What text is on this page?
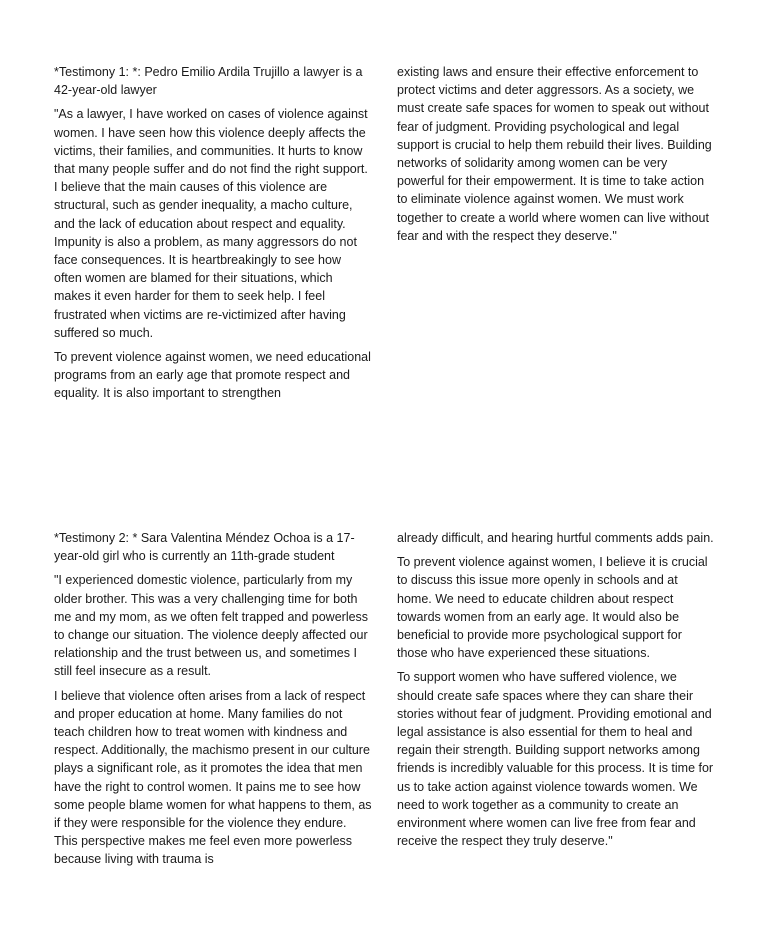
*Testimony 1: *: Pedro Emilio Ardila Trujillo a lawyer is a 42-year-old lawyer

"As a lawyer, I have worked on cases of violence against women. I have seen how this violence deeply affects the victims, their families, and communities. It hurts to know that many people suffer and do not find the right support. I believe that the main causes of this violence are structural, such as gender inequality, a macho culture, and the lack of education about respect and equality. Impunity is also a problem, as many aggressors do not face consequences. It is heartbreakingly to see how often women are blamed for their situations, which makes it even harder for them to seek help. I feel frustrated when victims are re-victimized after having suffered so much.

To prevent violence against women, we need educational programs from an early age that promote respect and equality. It is also important to strengthen

existing laws and ensure their effective enforcement to protect victims and deter aggressors. As a society, we must create safe spaces for women to speak out without fear of judgment. Providing psychological and legal support is crucial to help them rebuild their lives. Building networks of solidarity among women can be very powerful for their empowerment. It is time to take action to eliminate violence against women. We must work together to create a world where women can live without fear and with the respect they deserve."

*Testimony 2: * Sara Valentina Méndez Ochoa is a 17-year-old girl who is currently an 11th-grade student

"I experienced domestic violence, particularly from my older brother. This was a very challenging time for both me and my mom, as we often felt trapped and powerless to change our situation. The violence deeply affected our relationship and the trust between us, and sometimes I still feel insecure as a result.

I believe that violence often arises from a lack of respect and proper education at home. Many families do not teach children how to treat women with kindness and respect. Additionally, the machismo present in our culture plays a significant role, as it promotes the idea that men have the right to control women. It pains me to see how some people blame women for what happens to them, as if they were responsible for the violence they endure. This perspective makes me feel even more powerless because living with trauma is

already difficult, and hearing hurtful comments adds pain.

To prevent violence against women, I believe it is crucial to discuss this issue more openly in schools and at home. We need to educate children about respect towards women from an early age. It would also be beneficial to provide more psychological support for those who have experienced these situations.

To support women who have suffered violence, we should create safe spaces where they can share their stories without fear of judgment. Providing emotional and legal assistance is also essential for them to heal and regain their strength. Building support networks among friends is incredibly valuable for this process. It is time for us to take action against violence towards women. We need to work together as a community to create an environment where women can live free from fear and receive the respect they truly deserve."
